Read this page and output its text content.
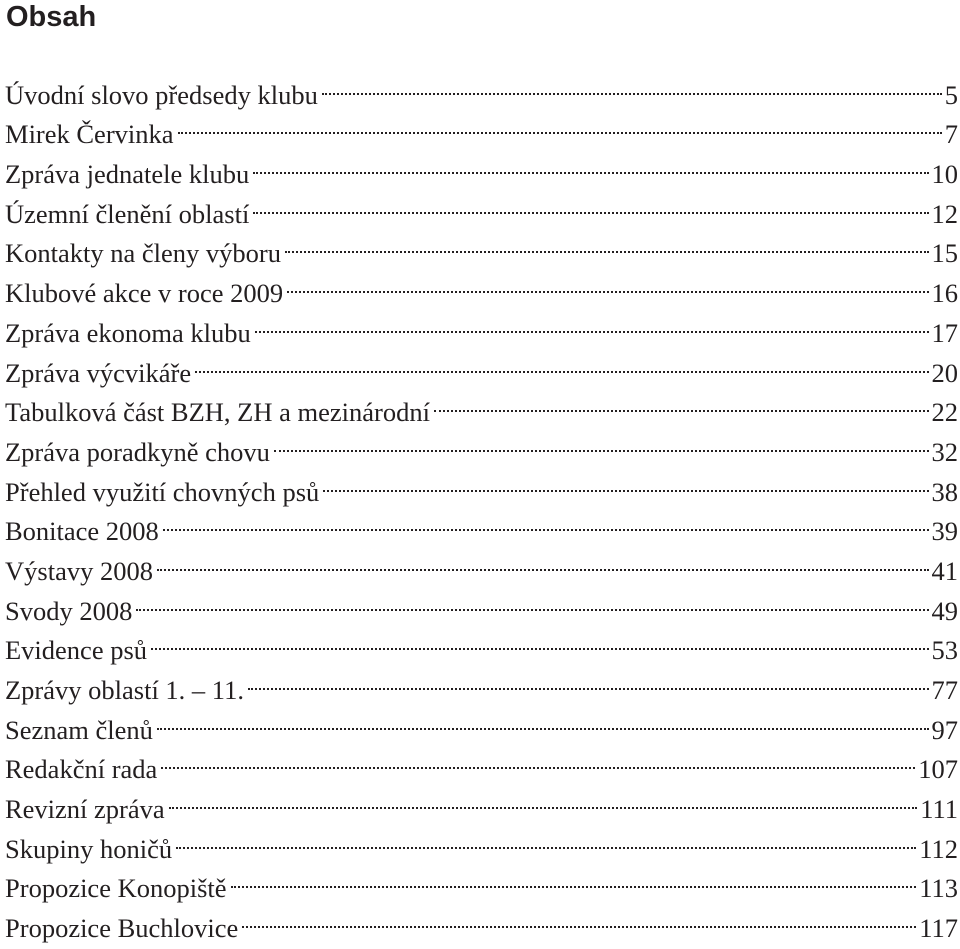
Obsah
Úvodní slovo předsedy klubu	5
Mirek Červinka	7
Zpráva jednatele klubu	10
Územní členění oblastí	12
Kontakty na členy výboru	15
Klubové akce v roce 2009	16
Zpráva ekonoma klubu	17
Zpráva výcvikáře	20
Tabulková část BZH, ZH a mezinárodní	22
Zpráva poradkyně chovu	32
Přehled využití chovných psů	38
Bonitace 2008	39
Výstavy 2008	41
Svody 2008	49
Evidence psů	53
Zprávy oblastí 1. – 11.	77
Seznam členů	97
Redakční rada	107
Revizní zpráva	111
Skupiny honičů	112
Propozice Konopiště	113
Propozice Buchlovice	117
